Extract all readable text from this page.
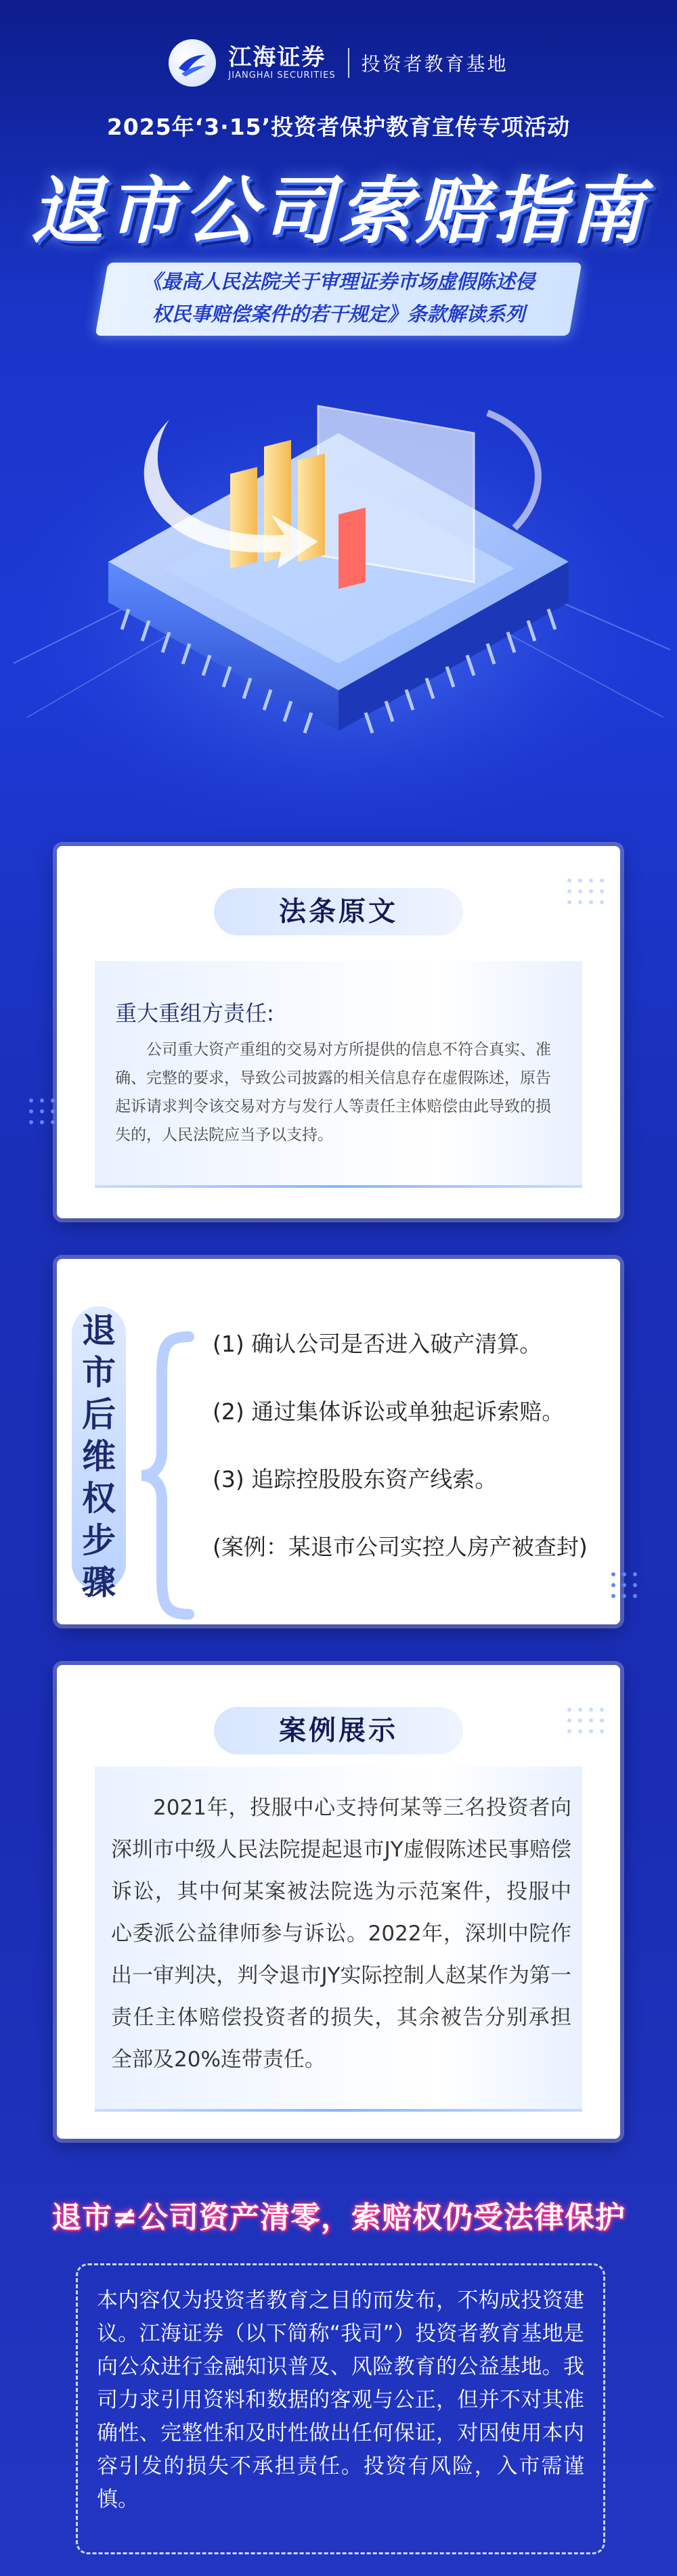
江海证券
JIANGHAI SECURITIES
投资者教育基地
2025年‘3·15’投资者保护教育宣传专项活动
退市公司索赔指南
《最高人民法院关于审理证券市场虚假陈述侵
权民事赔偿案件的若干规定》条款解读系列
法条原文
重大重组方责任:
公司重大资产重组的交易对方所提供的信息不符合真实、准确、完整的要求，导致公司披露的相关信息存在虚假陈述，原告起诉请求判令该交易对方与发行人等责任主体赔偿由此导致的损失的，人民法院应当予以支持。
退市后维权步骤
(1) 确认公司是否进入破产清算。
(2) 通过集体诉讼或单独起诉索赔。
(3) 追踪控股股东资产线索。
(案例：某退市公司实控人房产被查封)
案例展示
2021年，投服中心支持何某等三名投资者向深圳市中级人民法院提起退市JY虚假陈述民事赔偿诉讼，其中何某案被法院选为示范案件，投服中心委派公益律师参与诉讼。2022年，深圳中院作出一审判决，判令退市JY实际控制人赵某作为第一责任主体赔偿投资者的损失，其余被告分别承担全部及20%连带责任。
退市≠公司资产清零，索赔权仍受法律保护
本内容仅为投资者教育之目的而发布，不构成投资建议。江海证券（以下简称“我司”）投资者教育基地是向公众进行金融知识普及、风险教育的公益基地。我司力求引用资料和数据的客观与公正，但并不对其准确性、完整性和及时性做出任何保证，对因使用本内容引发的损失不承担责任。投资有风险，入市需谨慎。
